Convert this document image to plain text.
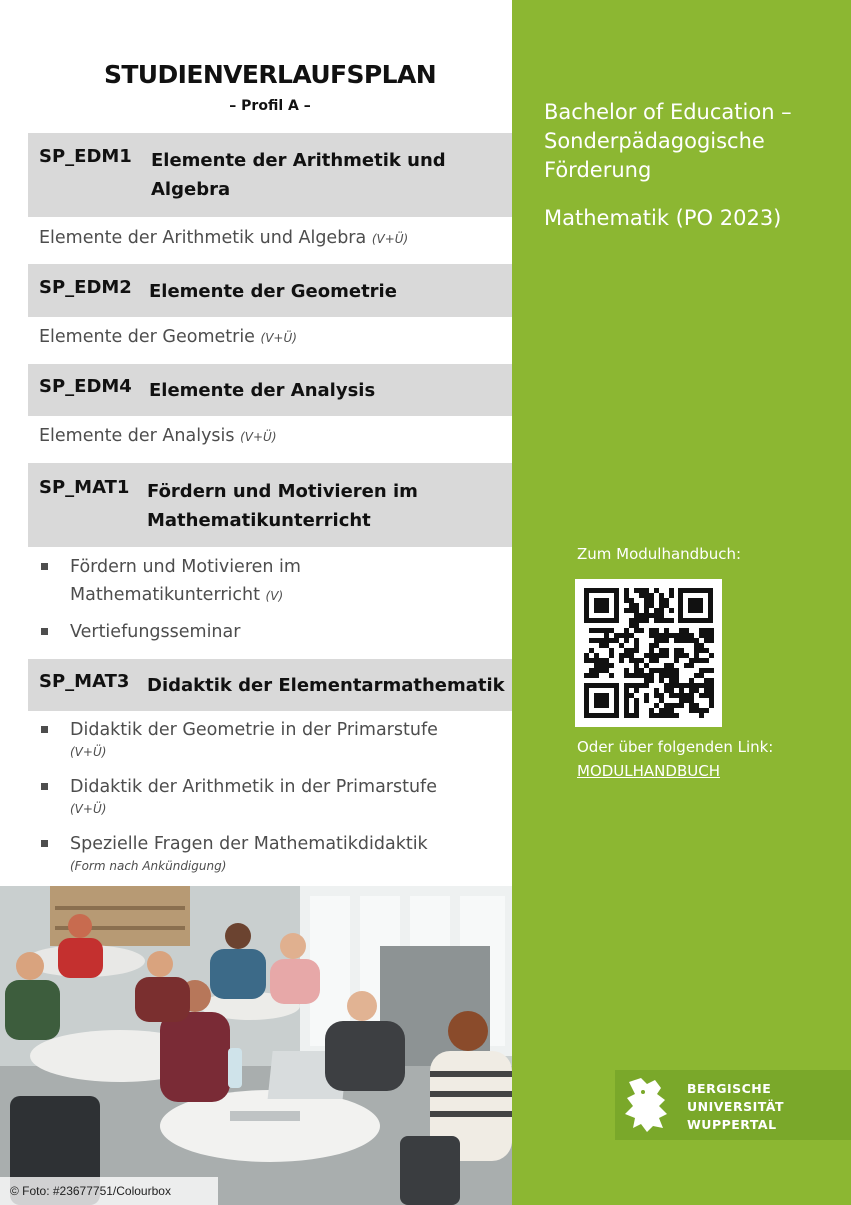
STUDIENVERLAUFSPLAN
– Profil A –
SP_EDM1 Elemente der Arithmetik und
Algebra
Elemente der Arithmetik und Algebra (V+Ü)
SP_EDM2 Elemente der Geometrie
Elemente der Geometrie (V+Ü)
SP_EDM4 Elemente der Analysis
Elemente der Analysis (V+Ü)
SP_MAT1 Fördern und Motivieren im
Mathematikunterricht
Fördern und Motivieren im
Mathematikunterricht (V)
Vertiefungsseminar
SP_MAT3 Didaktik der Elementarmathematik
Didaktik der Geometrie in der Primarstufe
(V+Ü)
Didaktik der Arithmetik in der Primarstufe
(V+Ü)
Spezielle Fragen der Mathematikdidaktik
(Form nach Ankündigung)
© Foto: #23677751/Colourbox
Bachelor of Education –
Sonderpädagogische
Förderung
Mathematik (PO 2023)
Zum Modulhandbuch:
Oder über folgenden Link:
MODULHANDBUCH
BERGISCHE
UNIVERSITÄT
WUPPERTAL
